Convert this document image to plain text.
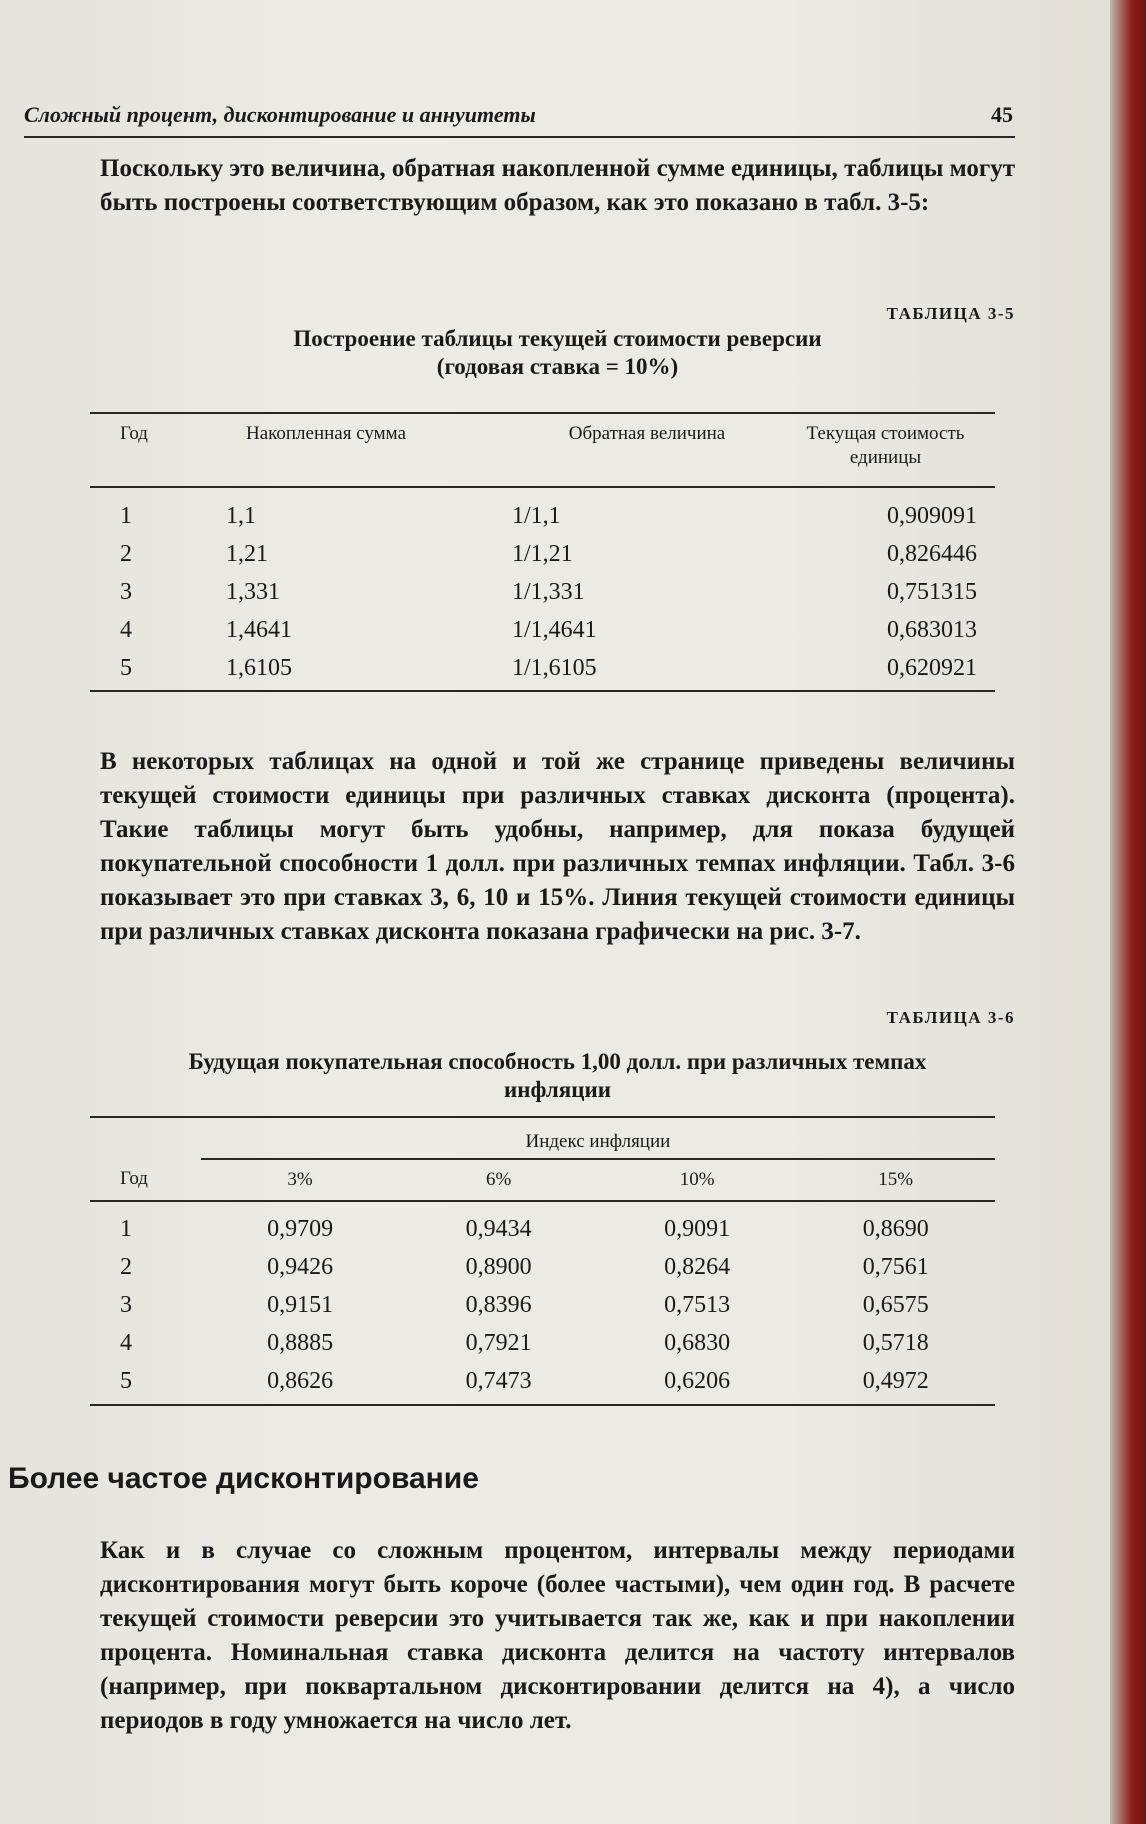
Сложный процент, дисконтирование и аннуитеты	45

Поскольку это величина, обратная накопленной сумме единицы, таблицы могут быть построены соответствующим образом, как это показано в табл. 3-5:

ТАБЛИЦА 3-5
Построение таблицы текущей стоимости реверсии
(годовая ставка = 10%)
Год	Накопленная сумма	Обратная величина	Текущая стоимость единицы
1	1,1	1/1,1	0,909091
2	1,21	1/1,21	0,826446
3	1,331	1/1,331	0,751315
4	1,4641	1/1,4641	0,683013
5	1,6105	1/1,6105	0,620921

В некоторых таблицах на одной и той же странице приведены величины текущей стоимости единицы при различных ставках дисконта (процента). Такие таблицы могут быть удобны, например, для показа будущей покупательной способности 1 долл. при различных темпах инфляции. Табл. 3-6 показывает это при ставках 3, 6, 10 и 15%. Линия текущей стоимости единицы при различных ставках дисконта показана графически на рис. 3-7.

ТАБЛИЦА 3-6
Будущая покупательная способность 1,00 долл. при различных темпах
инфляции
	Индекс инфляции			
Год	3%	6%	10%	15%
1	0,9709	0,9434	0,9091	0,8690
2	0,9426	0,8900	0,8264	0,7561
3	0,9151	0,8396	0,7513	0,6575
4	0,8885	0,7921	0,6830	0,5718
5	0,8626	0,7473	0,6206	0,4972
Более частое дисконтирование

Как и в случае со сложным процентом, интервалы между периодами дисконтирования могут быть короче (более частыми), чем один год. В расчете текущей стоимости реверсии это учитывается так же, как и при накоплении процента. Номинальная ставка дисконта делится на частоту интервалов (например, при поквартальном дисконтировании делится на 4), а число периодов в году умножается на число лет.
